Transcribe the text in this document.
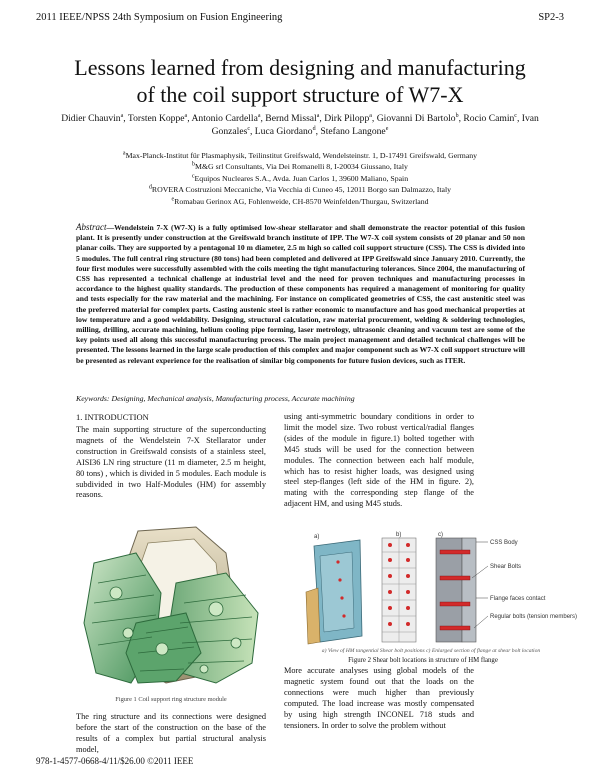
2011 IEEE/NPSS 24th Symposium on Fusion Engineering	SP2-3
Lessons learned from designing and manufacturing
of the coil support structure of W7-X
Didier Chauvin$^a$, Torsten Koppe$^a$, Antonio Cardella$^a$, Bernd Missal$^a$, Dirk Pilopp$^a$, Giovanni Di Bartolo$^b$, Rocio Camin$^c$, Ivan Gonzales$^c$, Luca Giordano$^d$, Stefano Langone$^e$
$^a$Max-Planck-Institut für Plasmaphysik, Teilinstitut Greifswald, Wendelsteinstr. 1, D-17491 Greifswald, Germany
$^b$M&G srl Consultants, Via Dei Romanelli 8, I-20034 Giussano, Italy
$^c$Equipos Nucleares S.A., Avda. Juan Carlos 1, 39600 Maliano, Spain
$^d$ROVERA Costruzioni Meccaniche, Via Vecchia di Cuneo 45, 12011 Borgo san Dalmazzo, Italy
$^e$Romabau Gerinox AG, Fohlenweide, CH-8570 Weinfelden/Thurgau, Switzerland
Abstract—Wendelstein 7-X (W7-X) is a fully optimised low-shear stellarator and shall demonstrate the reactor potential of this fusion plant. It is presently under construction at the Greifswald branch institute of IPP. The W7-X coil system consists of 20 planar and 50 non planar coils. They are supported by a pentagonal 10 m diameter, 2.5 m high so called coil support structure (CSS). The CSS is divided into 5 modules. The full central ring structure (80 tons) had been completed and delivered at IPP Greifswald since January 2010. Currently, the four first modules were successfully assembled with the coils meeting the tight manufacturing tolerances. Since 2004, the manufacturing of CSS has represented a technical challenge at industrial level and the need for proven techniques and manufacturing processes in accordance to the highest quality standards. The production of these components has required a management of monitoring for quality and tests especially for the raw material and the machining. For instance on complicated geometries of CSS, the cast austenitic steel was the preferred material for complex parts. Casting austenic steel is rather economic to manufacture and has good mechanical properties at low temperature and a good weldability. Designing, structural calculation, raw material procurement, welding & soldering technologies, milling, drilling, accurate machining, helium cooling pipe forming, laser metrology, ultrasonic cleaning and vacuum test are some of the key points used all along this successful manufacturing process. The main project management and detailed technical challenges will be presented. The lessons learned in the large scale production of this complex and major component such as W7-X coil support structure will be presented as relevant experience for the realisation of similar big components for future fusion devices, such as ITER.
Keywords: Designing, Mechanical analysis, Manufacturing process, Accurate machining
1. INTRODUCTION
The main supporting structure of the superconducting magnets of the Wendelstein 7-X Stellarator under construction in Greifswald consists of a stainless steel, AISI36 LN ring structure (11 m diameter, 2.5 m height, 80 tons) , which is divided in 5 modules. Each module is subdivided in two Half-Modules (HM) for assembly reasons.
Figure 1 Coil support ring structure module
The ring structure and its connections were designed before the start of the construction on the base of the results of a complex but partial structural analysis model,
using anti-symmetric boundary conditions in order to limit the model size. Two robust vertical/radial flanges (sides of the module in figure.1) bolted together with M45 studs will be used for the connection between modules. The connection between each half module, which has to resist higher loads, was designed using steel step-flanges (left side of the HM in figure. 2), mating with the corresponding step flange of the adjacent HM, and using M45 studs.
a)	b)	c)
CSS Body
Shear Bolts
Flange faces contact
Regular bolts (tension members)
a) View of HM tangential Shear bolt positions c) Enlarged section of flange at shear bolt location
Figure 2 Shear bolt locations in structure of HM flange
More accurate analyses using global models of the magnetic system found out that the loads on the connections were much higher than previously computed. The load increase was mostly compensated by using high strength INCONEL 718 studs and tensioners. In order to solve the problem without
978-1-4577-0668-4/11/$26.00 ©2011 IEEE
